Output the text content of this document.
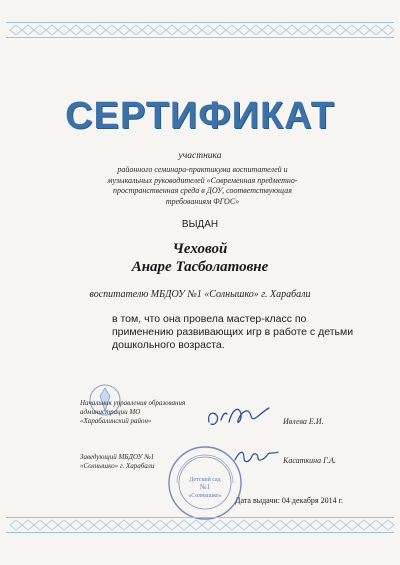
СЕРТИФИКАТ
участника
районного семинара-практикума воспитателей и музыкальных руководителей «Современная предметно-пространственная среда в ДОУ, соответствующая требованиям ФГОС»
ВЫДАН
Чеховой
Анаре Тасболатовне
воспитателю МБДОУ №1 «Солнышко» г. Харабали
в том, что она провела мастер-класс по применению развивающих игр в работе с детьми дошкольного возраста.
Начальник управления образования администрации МО «Харабалинский район»	Ивлева Е.И.
Детский сад
№1
«Солнышко»
Заведующий МБДОУ №1 «Солнышко» г. Харабали
Касаткина Г.А.
Дата выдачи: 04 декабря 2014 г.
